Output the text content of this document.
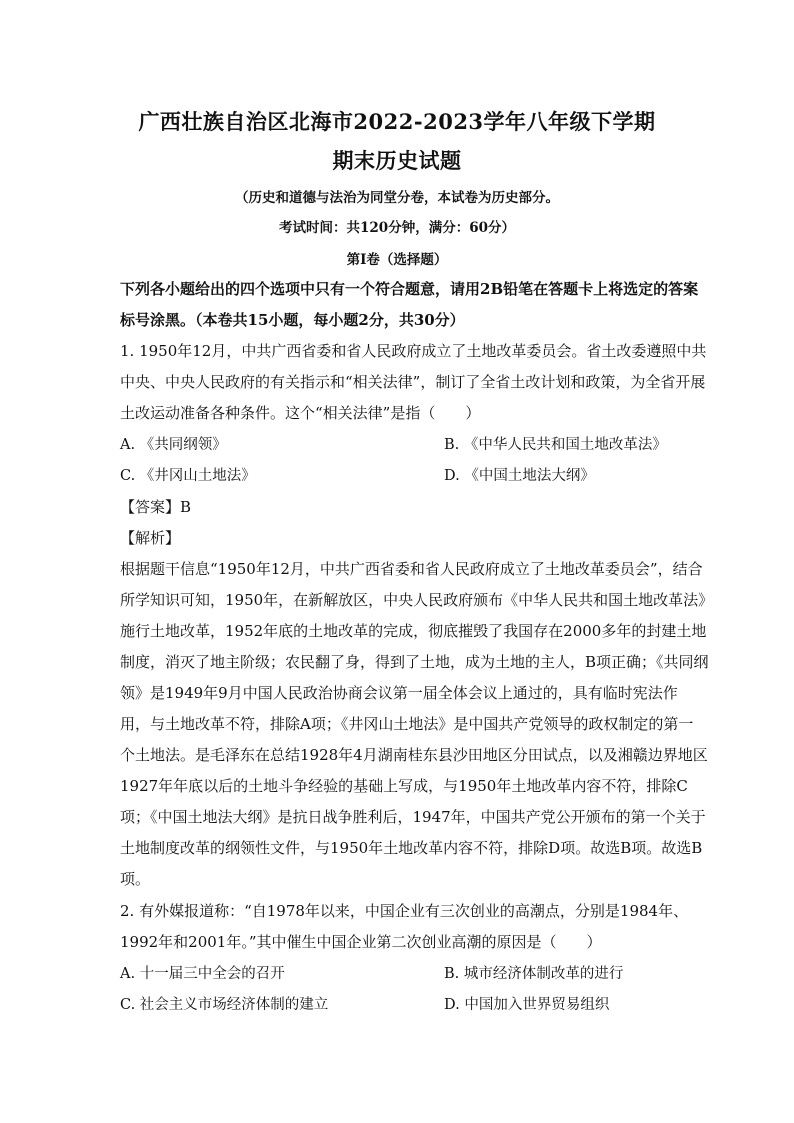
广西壮族自治区北海市2022-2023学年八年级下学期
期末历史试题
（历史和道德与法治为同堂分卷，本试卷为历史部分。
考试时间：共120分钟，满分：60分）
第Ⅰ卷（选择题）
下列各小题给出的四个选项中只有一个符合题意，请用2B铅笔在答题卡上将选定的答案
标号涂黑。（本卷共15小题，每小题2分，共30分）
1. 1950年12月，中共广西省委和省人民政府成立了土地改革委员会。省土改委遵照中共
中央、中央人民政府的有关指示和“相关法律”，制订了全省土改计划和政策，为全省开展
土改运动准备各种条件。这个“相关法律”是指（　　）
A. 《共同纲领》	B. 《中华人民共和国土地改革法》
C. 《井冈山土地法》	D. 《中国土地法大纲》
【答案】B
【解析】
根据题干信息“1950年12月，中共广西省委和省人民政府成立了土地改革委员会”，结合
所学知识可知，1950年，在新解放区，中央人民政府颁布《中华人民共和国土地改革法》
施行土地改革，1952年底的土地改革的完成，彻底摧毁了我国存在2000多年的封建土地
制度，消灭了地主阶级；农民翻了身，得到了土地，成为土地的主人，B项正确；《共同纲
领》是1949年9月中国人民政治协商会议第一届全体会议上通过的，具有临时宪法作
用，与土地改革不符，排除A项；《井冈山土地法》是中国共产党领导的政权制定的第一
个土地法。是毛泽东在总结1928年4月湖南桂东县沙田地区分田试点，以及湘赣边界地区
1927年年底以后的土地斗争经验的基础上写成，与1950年土地改革内容不符，排除C
项；《中国土地法大纲》是抗日战争胜利后，1947年，中国共产党公开颁布的第一个关于
土地制度改革的纲领性文件，与1950年土地改革内容不符，排除D项。故选B项。故选B
项。
2. 有外媒报道称：“自1978年以来，中国企业有三次创业的高潮点，分别是1984年、
1992年和2001年。”其中催生中国企业第二次创业高潮的原因是（　　）
A. 十一届三中全会的召开	B. 城市经济体制改革的进行
C. 社会主义市场经济体制的建立	D. 中国加入世界贸易组织
